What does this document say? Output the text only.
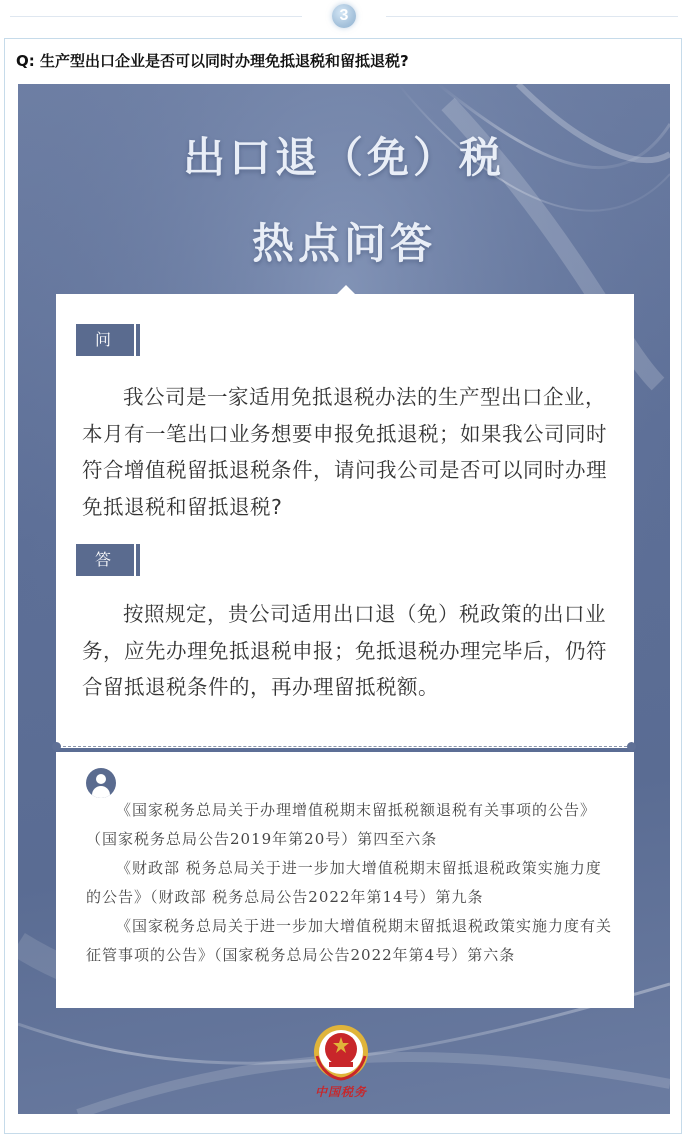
3
Q: 生产型出口企业是否可以同时办理免抵退税和留抵退税?
出口退（免）税
热点问答
问
我公司是一家适用免抵退税办法的生产型出口企业，本月有一笔出口业务想要申报免抵退税；如果我公司同时符合增值税留抵退税条件，请问我公司是否可以同时办理免抵退税和留抵退税?
答
按照规定，贵公司适用出口退（免）税政策的出口业务，应先办理免抵退税申报；免抵退税办理完毕后，仍符合留抵退税条件的，再办理留抵税额。
《国家税务总局关于办理增值税期末留抵税额退税有关事项的公告》（国家税务总局公告2019年第20号）第四至六条
《财政部 税务总局关于进一步加大增值税期末留抵退税政策实施力度的公告》（财政部 税务总局公告2022年第14号）第九条
《国家税务总局关于进一步加大增值税期末留抵退税政策实施力度有关征管事项的公告》（国家税务总局公告2022年第4号）第六条
中国税务
